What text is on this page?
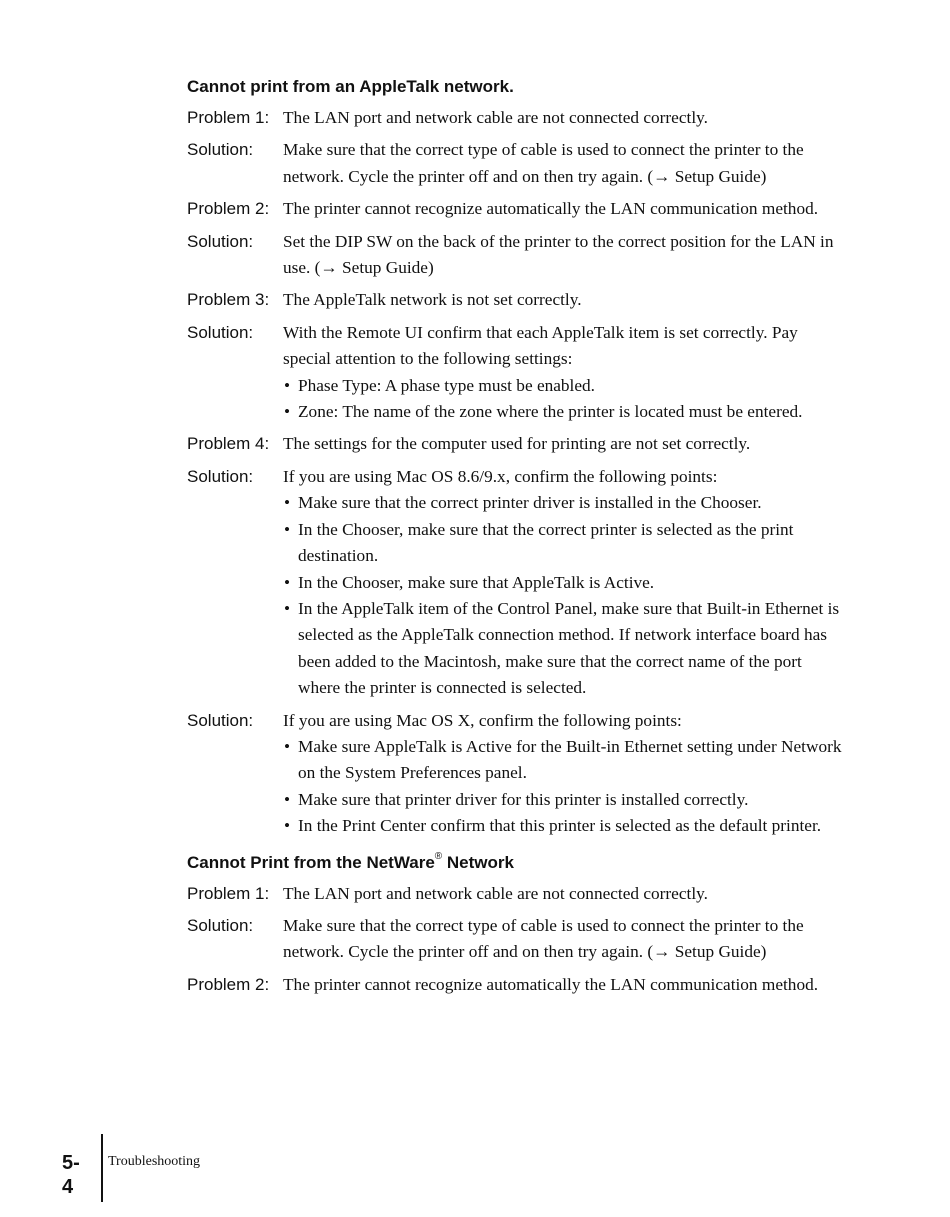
Cannot print from an AppleTalk network.
Problem 1: The LAN port and network cable are not connected correctly.
Solution:	Make sure that the correct type of cable is used to connect the printer to the network. Cycle the printer off and on then try again. (→ Setup Guide)
Problem 2: The printer cannot recognize automatically the LAN communication method.
Solution:	Set the DIP SW on the back of the printer to the correct position for the LAN in use. (→ Setup Guide)
Problem 3: The AppleTalk network is not set correctly.
Solution:	With the Remote UI confirm that each AppleTalk item is set correctly. Pay special attention to the following settings:
• Phase Type: A phase type must be enabled.
• Zone: The name of the zone where the printer is located must be entered.
Problem 4: The settings for the computer used for printing are not set correctly.
Solution:	If you are using Mac OS 8.6/9.x, confirm the following points:
• Make sure that the correct printer driver is installed in the Chooser.
• In the Chooser, make sure that the correct printer is selected as the print destination.
• In the Chooser, make sure that AppleTalk is Active.
• In the AppleTalk item of the Control Panel, make sure that Built-in Ethernet is selected as the AppleTalk connection method. If network interface board has been added to the Macintosh, make sure that the correct name of the port where the printer is connected is selected.
Solution:	If you are using Mac OS X, confirm the following points:
• Make sure AppleTalk is Active for the Built-in Ethernet setting under Network on the System Preferences panel.
• Make sure that printer driver for this printer is installed correctly.
• In the Print Center confirm that this printer is selected as the default printer.
Cannot Print from the NetWare® Network
Problem 1: The LAN port and network cable are not connected correctly.
Solution:	Make sure that the correct type of cable is used to connect the printer to the network. Cycle the printer off and on then try again. (→ Setup Guide)
Problem 2: The printer cannot recognize automatically the LAN communication method.
5-4
Troubleshooting
